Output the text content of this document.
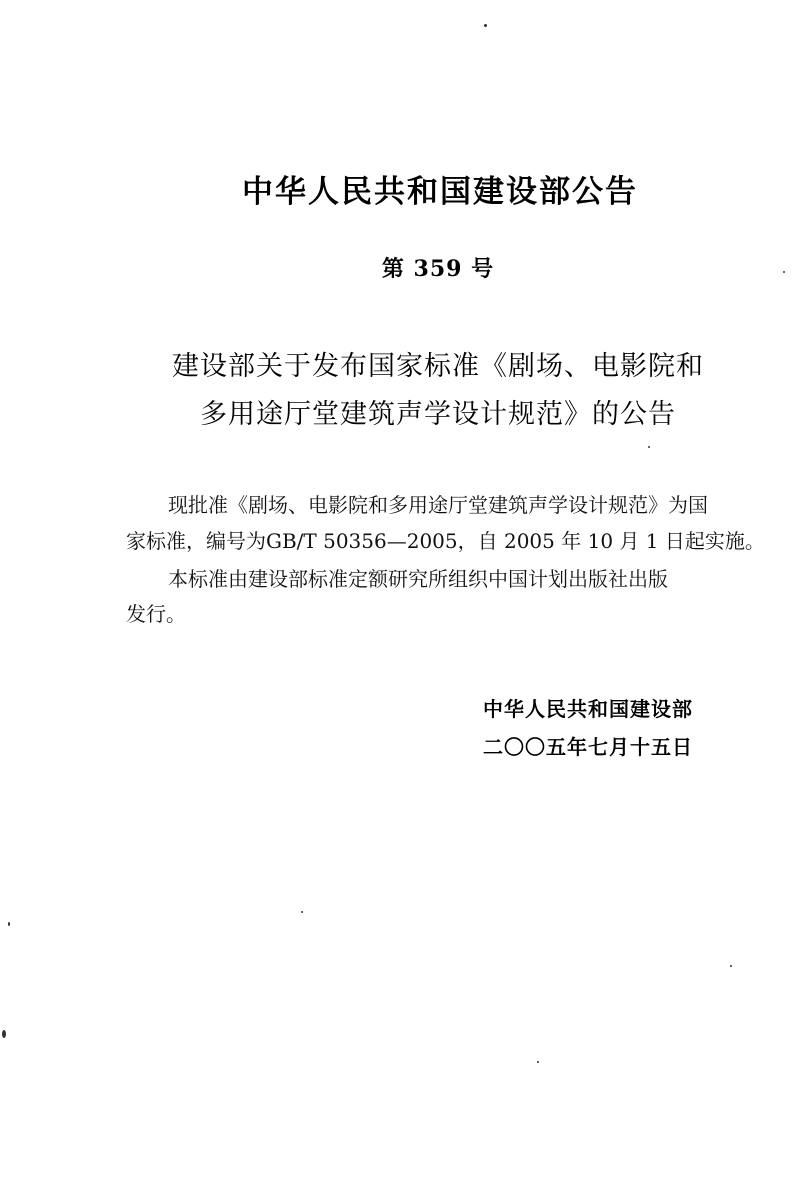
中华人民共和国建设部公告
第 359 号
建设部关于发布国家标准《剧场、电影院和
多用途厅堂建筑声学设计规范》的公告
现批准《剧场、电影院和多用途厅堂建筑声学设计规范》为国
家标准，编号为GB/T 50356—2005，自 2005 年 10 月 1 日起实施。
本标准由建设部标准定额研究所组织中国计划出版社出版
发行。
中华人民共和国建设部
二〇〇五年七月十五日
